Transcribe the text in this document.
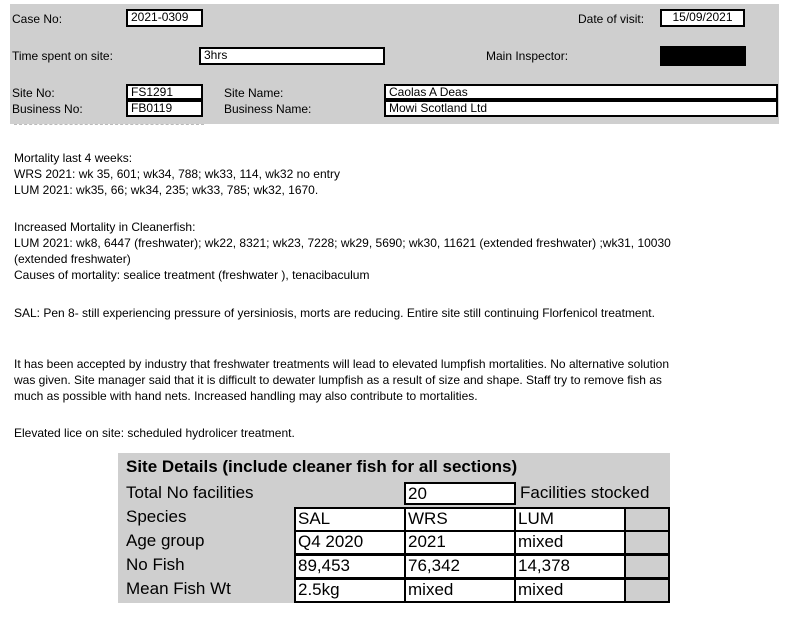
Case No:	2021-0309	Date of visit:	15/09/2021
Time spent on site:	3hrs	Main Inspector:
Site No:	FS1291	Site Name:	Caolas A Deas
Business No:	FB0119	Business Name:	Mowi Scotland Ltd
Mortality last 4 weeks:
WRS 2021: wk 35, 601; wk34, 788; wk33, 114, wk32 no entry
LUM 2021: wk35, 66; wk34, 235; wk33, 785; wk32, 1670.
Increased Mortality in Cleanerfish:
LUM 2021: wk8, 6447 (freshwater); wk22, 8321; wk23, 7228; wk29, 5690; wk30, 11621 (extended freshwater) ;wk31, 10030
(extended freshwater)
Causes of mortality: sealice treatment (freshwater ), tenacibaculum
SAL: Pen 8- still experiencing pressure of yersiniosis, morts are reducing. Entire site still continuing Florfenicol treatment.
It has been accepted by industry that freshwater treatments will lead to elevated lumpfish mortalities. No alternative solution
was given. Site manager said that it is difficult to dewater lumpfish as a result of size and shape. Staff try to remove fish as
much as possible with hand nets. Increased handling may also contribute to mortalities.
Elevated lice on site: scheduled hydrolicer treatment.
Site Details (include cleaner fish for all sections)
Total No facilities	20	Facilities stocked
Species	SAL	WRS	LUM
Age group	Q4 2020	2021	mixed
No Fish	89,453	76,342	14,378
Mean Fish Wt	2.5kg	mixed	mixed
